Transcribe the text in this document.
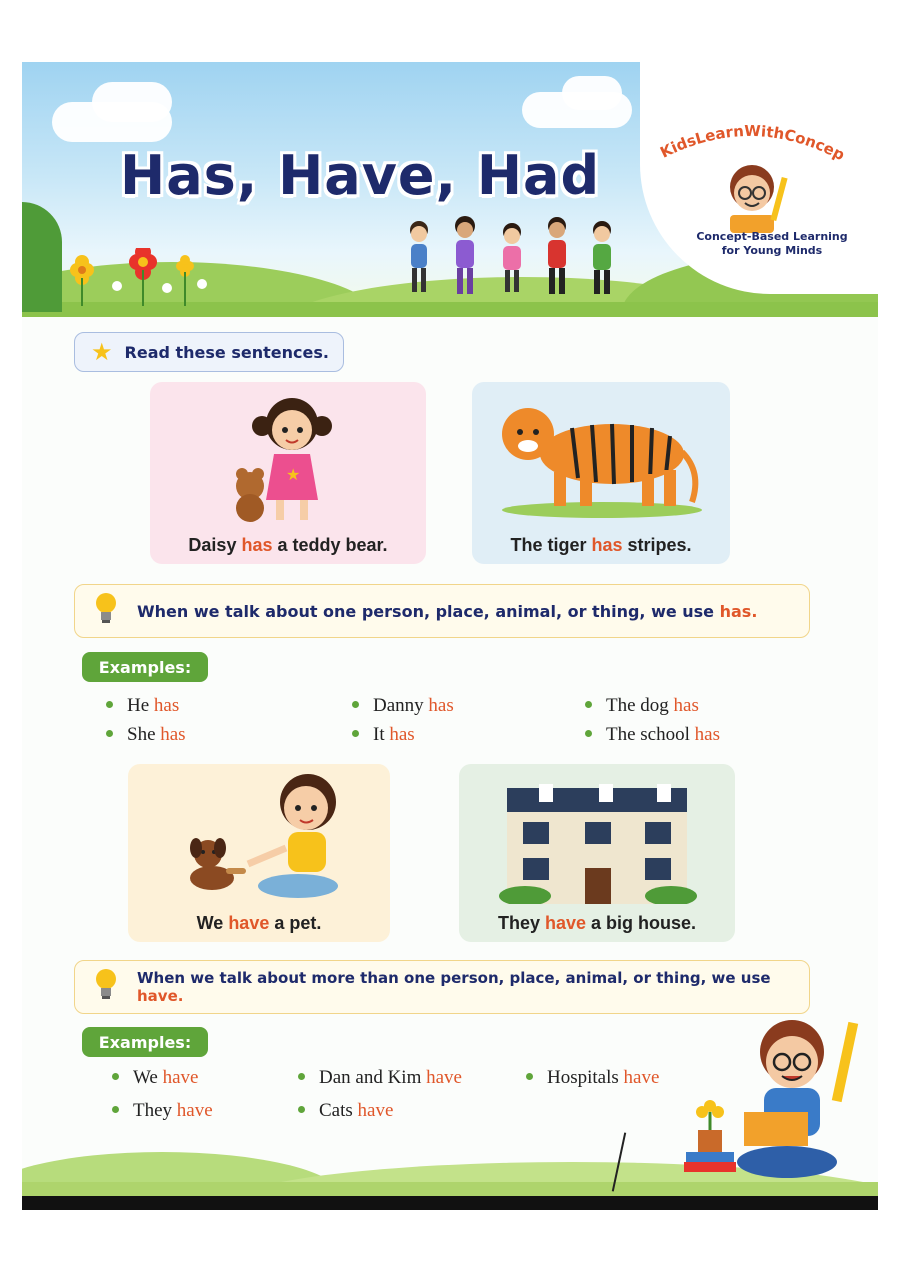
Has, Have, Had	KidsLearnWithConcep
Concept-Based Learning
for Young Minds
★ Read these sentences.
★
Daisy has a teddy bear.	The tiger has stripes.
When we talk about one person, place, animal, or thing, we use has.
Examples:
He has
She has
Danny has
It has
The dog has
The school has
We have a pet.	They have a big house.
When we talk about more than one person, place, animal, or thing, we use have.
Examples:
We have
They have
Dan and Kim have
Cats have
Hospitals have
